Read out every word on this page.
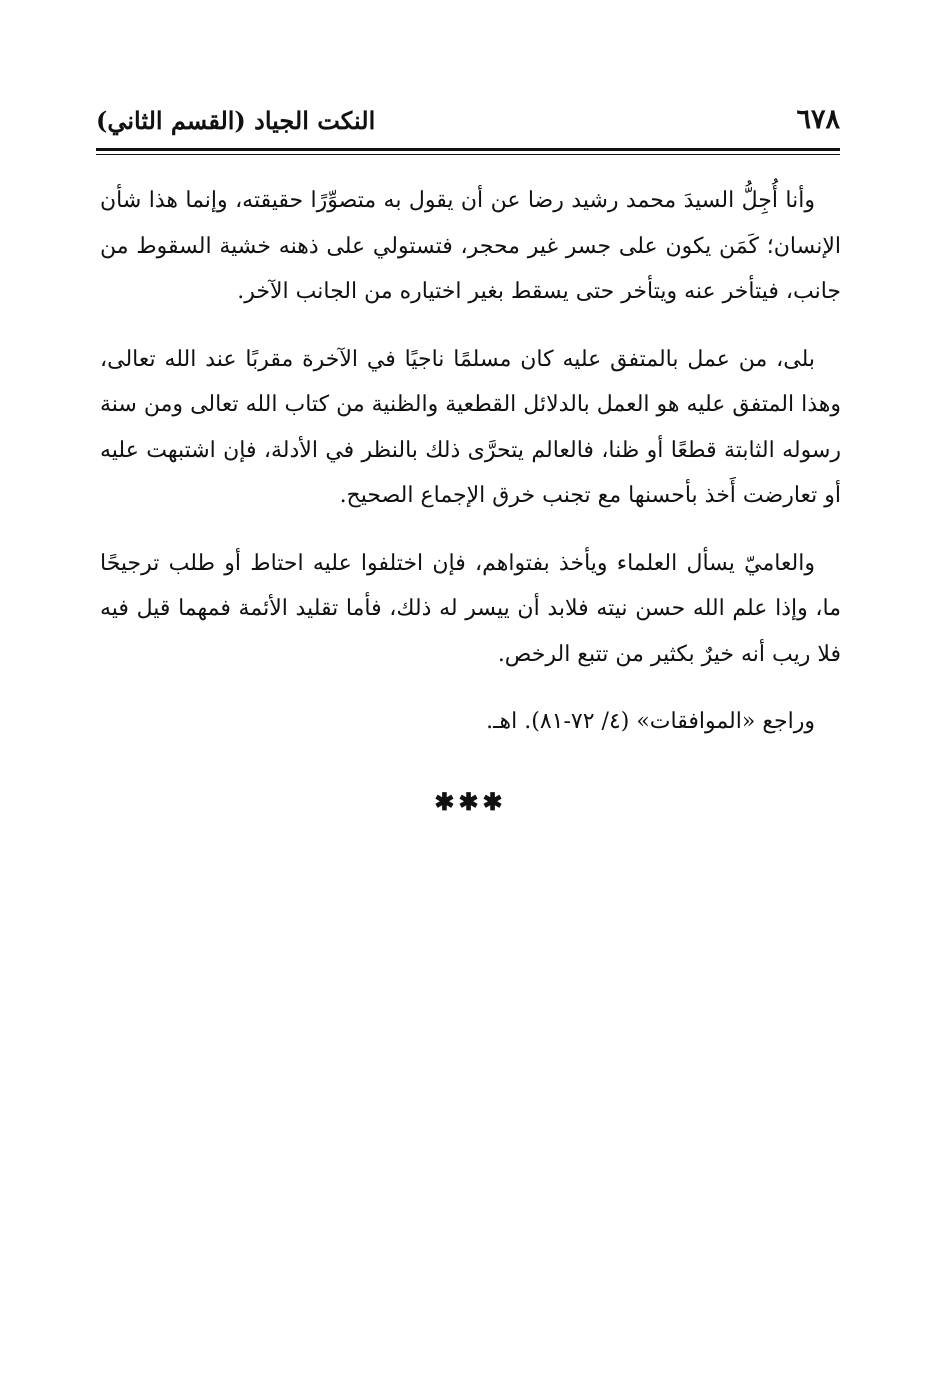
٦٧٨
النكت الجياد (القسم الثاني)

وأنا أُجِلُّ السيدَ محمد رشيد رضا عن أن يقول به متصوِّرًا حقيقته، وإنما هذا شأن الإنسان؛ كَمَن يكون على جسر غير محجر، فتستولي على ذهنه خشية السقوط من جانب، فيتأخر عنه ويتأخر حتى يسقط بغير اختياره من الجانب الآخر.

بلى، من عمل بالمتفق عليه كان مسلمًا ناجيًا في الآخرة مقربًا عند الله تعالى، وهذا المتفق عليه هو العمل بالدلائل القطعية والظنية من كتاب الله تعالى ومن سنة رسوله الثابتة قطعًا أو ظنا، فالعالم يتحرَّى ذلك بالنظر في الأدلة، فإن اشتبهت عليه أو تعارضت أَخذ بأحسنها مع تجنب خرق الإجماع الصحيح.

والعاميّ يسأل العلماء ويأخذ بفتواهم، فإن اختلفوا عليه احتاط أو طلب ترجيحًا ما، وإذا علم الله حسن نيته فلابد أن ييسر له ذلك، فأما تقليد الأئمة فمهما قيل فيه فلا ريب أنه خيرٌ بكثير من تتبع الرخص.

وراجع «الموافقات» (٤/ ٧٢-٨١). اهـ.

✱✱✱
